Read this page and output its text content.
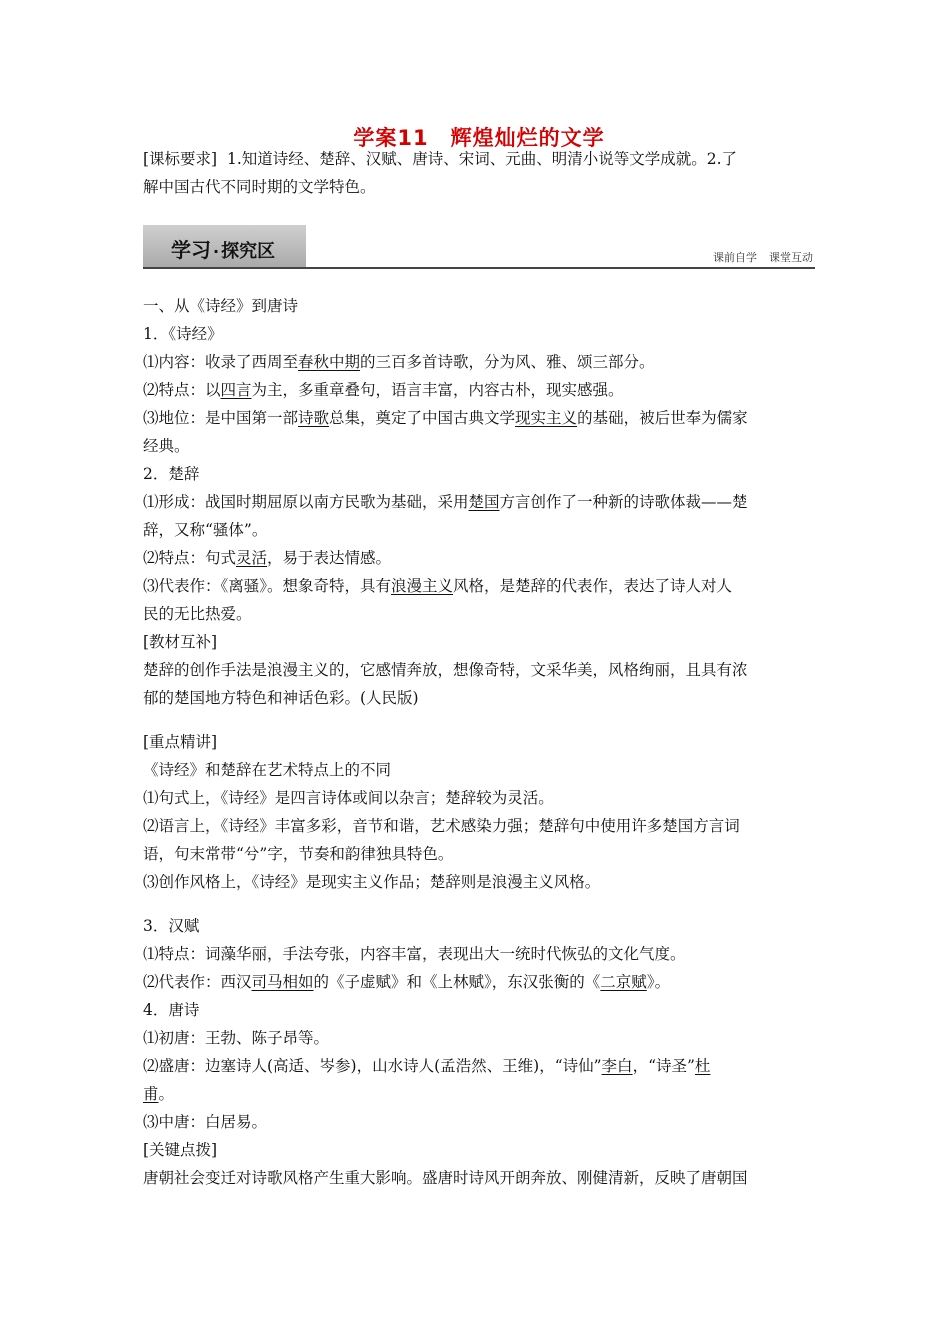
学案11　辉煌灿烂的文学
[课标要求] 1.知道诗经、楚辞、汉赋、唐诗、宋词、元曲、明清小说等文学成就。2.了
解中国古代不同时期的文学特色。
学习 · 探究区	课前自学 课堂互动
一、从《诗经》到唐诗
1．《诗经》
⑴内容：收录了西周至春秋中期的三百多首诗歌，分为风、雅、颂三部分。
⑵特点：以四言为主，多重章叠句，语言丰富，内容古朴，现实感强。
⑶地位：是中国第一部诗歌总集，奠定了中国古典文学现实主义的基础，被后世奉为儒家
经典。
2．楚辞
⑴形成：战国时期屈原以南方民歌为基础，采用楚国方言创作了一种新的诗歌体裁——楚
辞，又称“骚体”。
⑵特点：句式灵活，易于表达情感。
⑶代表作：《离骚》。想象奇特，具有浪漫主义风格，是楚辞的代表作，表达了诗人对人
民的无比热爱。
[教材互补]
楚辞的创作手法是浪漫主义的，它感情奔放，想像奇特，文采华美，风格绚丽，且具有浓
郁的楚国地方特色和神话色彩。(人民版)
[重点精讲]
《诗经》和楚辞在艺术特点上的不同
⑴句式上，《诗经》是四言诗体或间以杂言；楚辞较为灵活。
⑵语言上，《诗经》丰富多彩，音节和谐，艺术感染力强；楚辞句中使用许多楚国方言词
语，句末常带“兮”字，节奏和韵律独具特色。
⑶创作风格上，《诗经》是现实主义作品；楚辞则是浪漫主义风格。
3．汉赋
⑴特点：词藻华丽，手法夸张，内容丰富，表现出大一统时代恢弘的文化气度。
⑵代表作：西汉司马相如的《子虚赋》和《上林赋》，东汉张衡的《二京赋》。
4．唐诗
⑴初唐：王勃、陈子昂等。
⑵盛唐：边塞诗人(高适、岑参)，山水诗人(孟浩然、王维)，“诗仙”李白，“诗圣”杜
甫。
⑶中唐：白居易。
[关键点拨]
唐朝社会变迁对诗歌风格产生重大影响。盛唐时诗风开朗奔放、刚健清新，反映了唐朝国
